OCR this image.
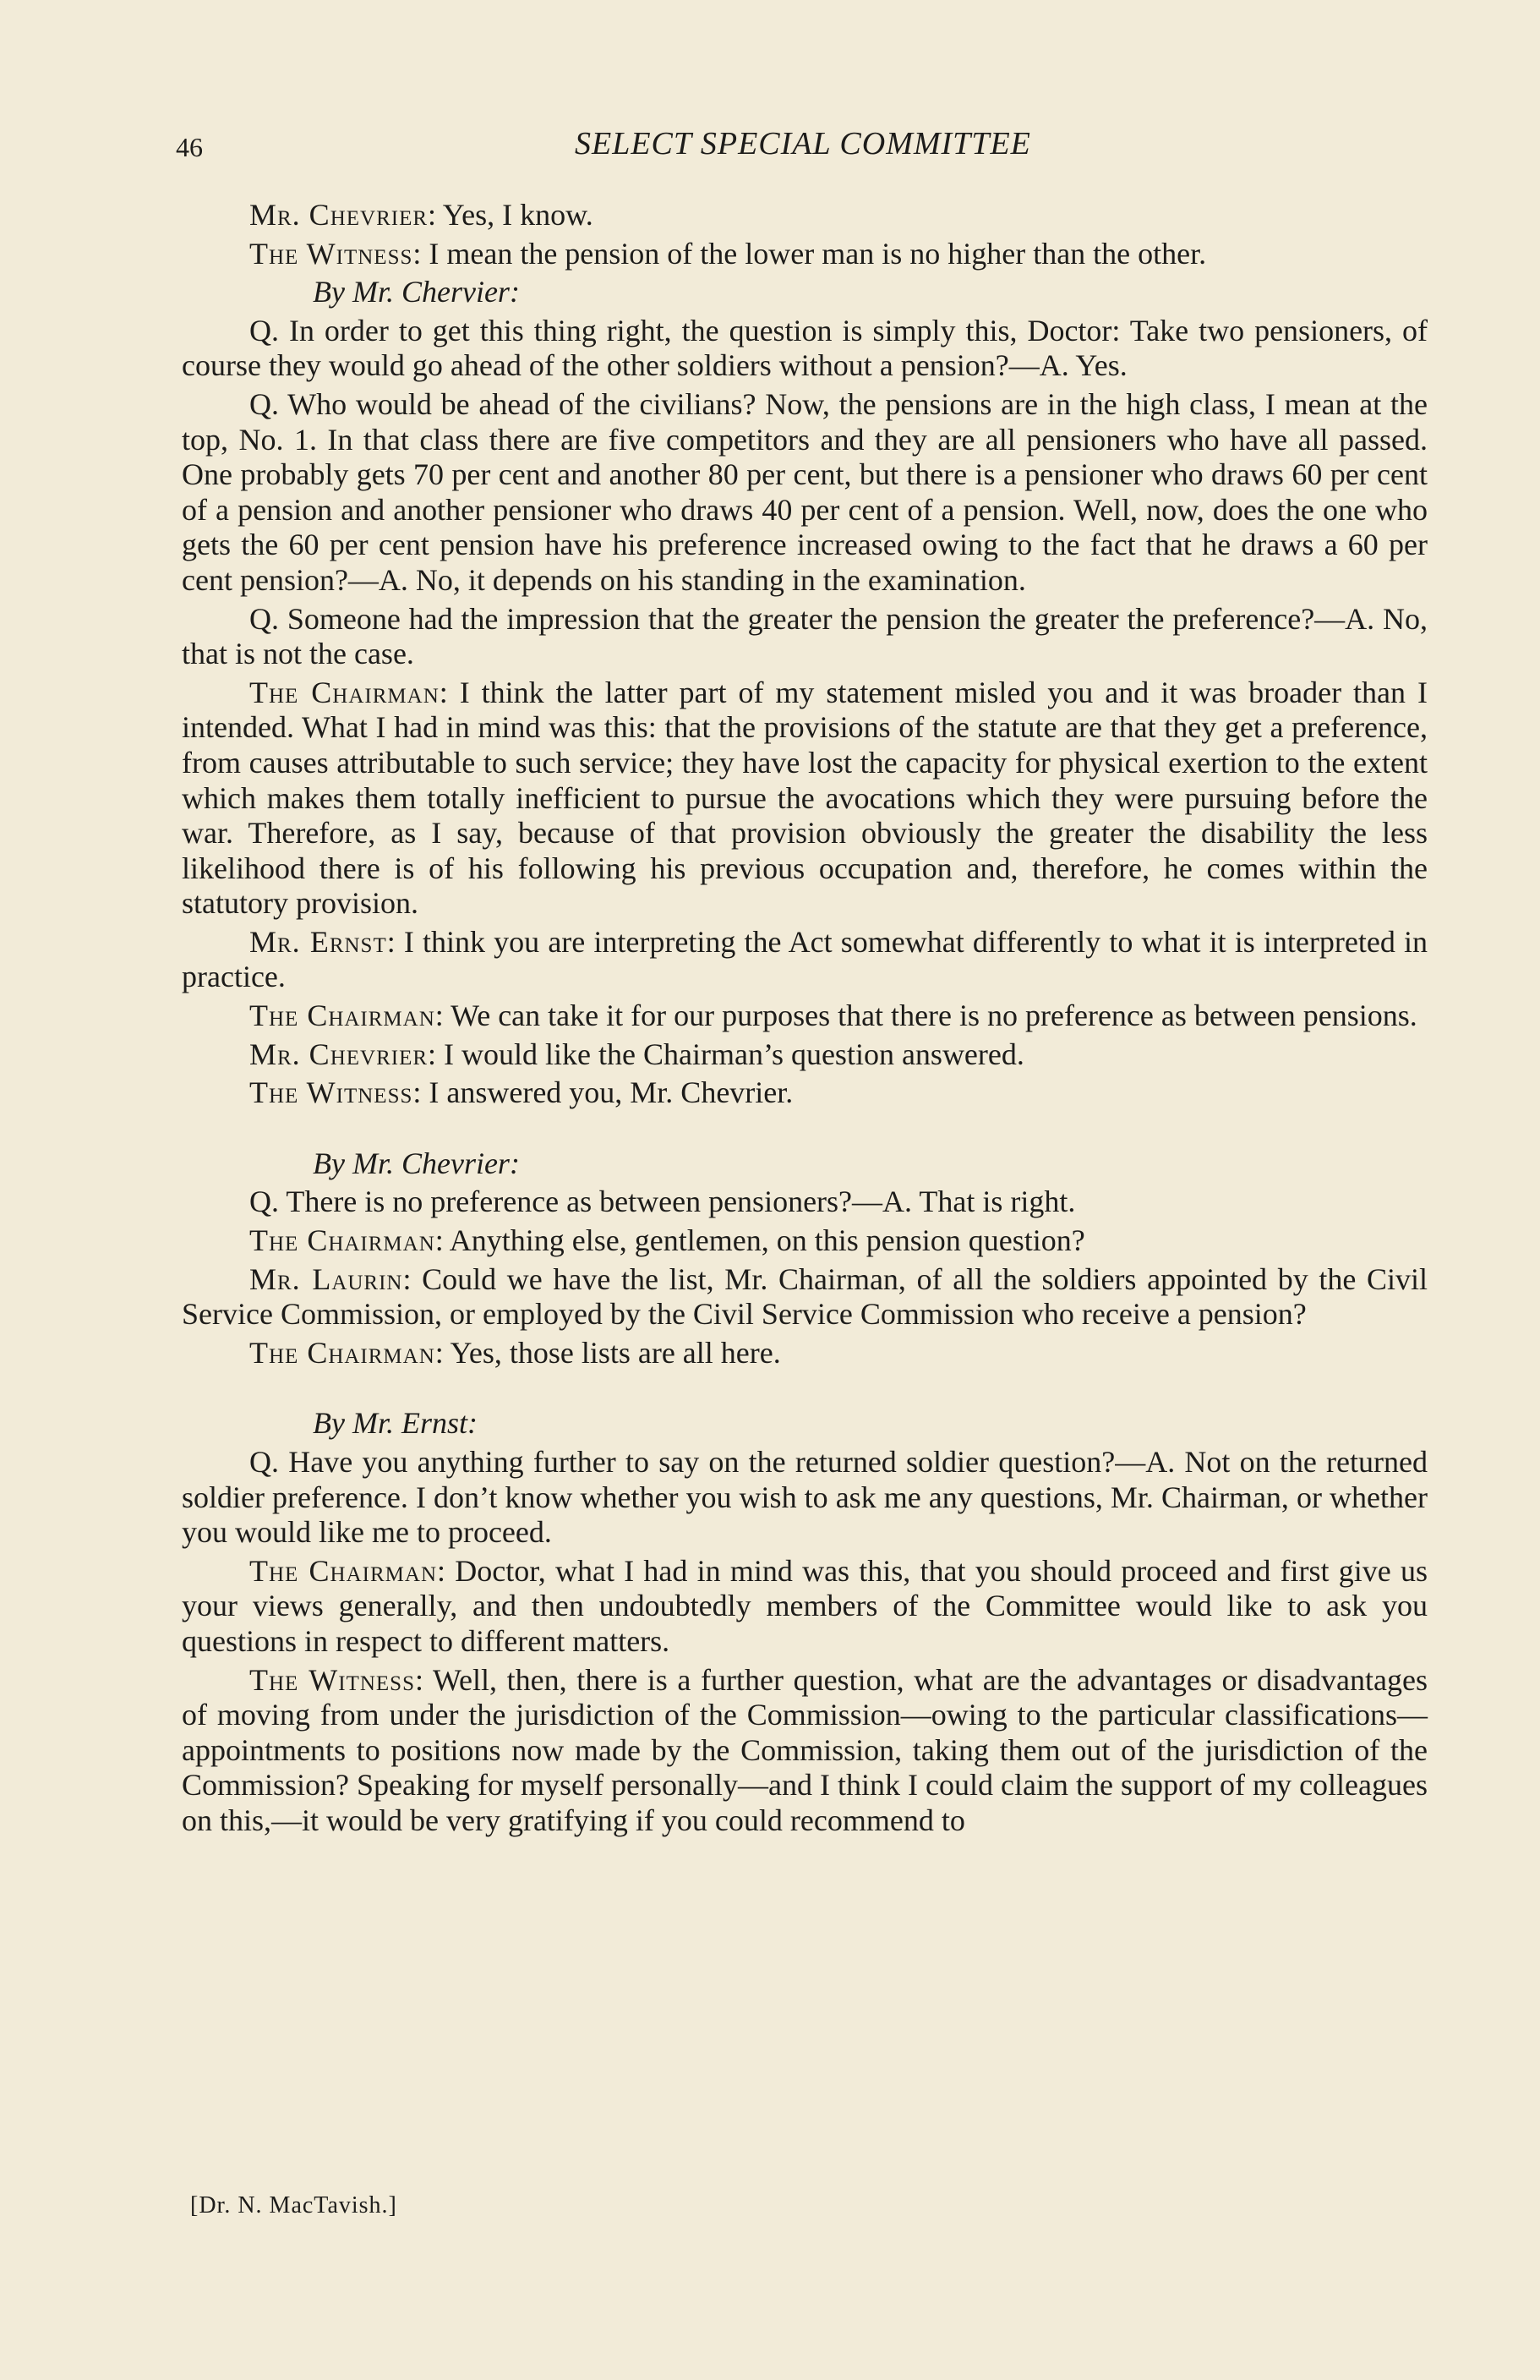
46	SELECT SPECIAL COMMITTEE

Mr. Chevrier: Yes, I know.

The Witness: I mean the pension of the lower man is no higher than the other.

By Mr. Chervier:

Q. In order to get this thing right, the question is simply this, Doctor: Take two pensioners, of course they would go ahead of the other soldiers without a pension?—A. Yes.

Q. Who would be ahead of the civilians? Now, the pensions are in the high class, I mean at the top, No. 1. In that class there are five competitors and they are all pensioners who have all passed. One probably gets 70 per cent and another 80 per cent, but there is a pensioner who draws 60 per cent of a pension and another pensioner who draws 40 per cent of a pension. Well, now, does the one who gets the 60 per cent pension have his preference increased owing to the fact that he draws a 60 per cent pension?—A. No, it depends on his standing in the examination.

Q. Someone had the impression that the greater the pension the greater the preference?—A. No, that is not the case.

The Chairman: I think the latter part of my statement misled you and it was broader than I intended. What I had in mind was this: that the provisions of the statute are that they get a preference, from causes attributable to such service; they have lost the capacity for physical exertion to the extent which makes them totally inefficient to pursue the avocations which they were pursuing before the war. Therefore, as I say, because of that provision obviously the greater the disability the less likelihood there is of his following his previous occupation and, therefore, he comes within the statutory provision.

Mr. Ernst: I think you are interpreting the Act somewhat differently to what it is interpreted in practice.

The Chairman: We can take it for our purposes that there is no preference as between pensions.

Mr. Chevrier: I would like the Chairman’s question answered.

The Witness: I answered you, Mr. Chevrier.

By Mr. Chevrier:

Q. There is no preference as between pensioners?—A. That is right.

The Chairman: Anything else, gentlemen, on this pension question?

Mr. Laurin: Could we have the list, Mr. Chairman, of all the soldiers appointed by the Civil Service Commission, or employed by the Civil Service Commission who receive a pension?

The Chairman: Yes, those lists are all here.

By Mr. Ernst:

Q. Have you anything further to say on the returned soldier question?—A. Not on the returned soldier preference. I don’t know whether you wish to ask me any questions, Mr. Chairman, or whether you would like me to proceed.

The Chairman: Doctor, what I had in mind was this, that you should proceed and first give us your views generally, and then undoubtedly members of the Committee would like to ask you questions in respect to different matters.

The Witness: Well, then, there is a further question, what are the advantages or disadvantages of moving from under the jurisdiction of the Commission—owing to the particular classifications—appointments to positions now made by the Commission, taking them out of the jurisdiction of the Commission? Speaking for myself personally—and I think I could claim the support of my colleagues on this,—it would be very gratifying if you could recommend to

[Dr. N. MacTavish.]
